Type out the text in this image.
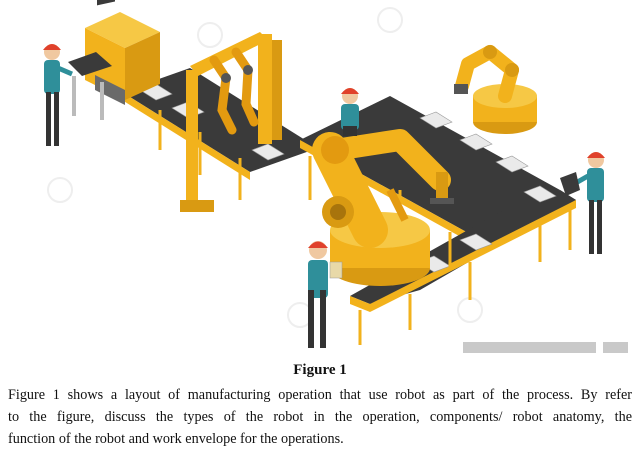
Figure 1
Figure 1 shows a layout of manufacturing operation that use robot as part of the process. By refer
to the figure, discuss the types of the robot in the operation, components/ robot anatomy, the
function of the robot and work envelope for the operations.
